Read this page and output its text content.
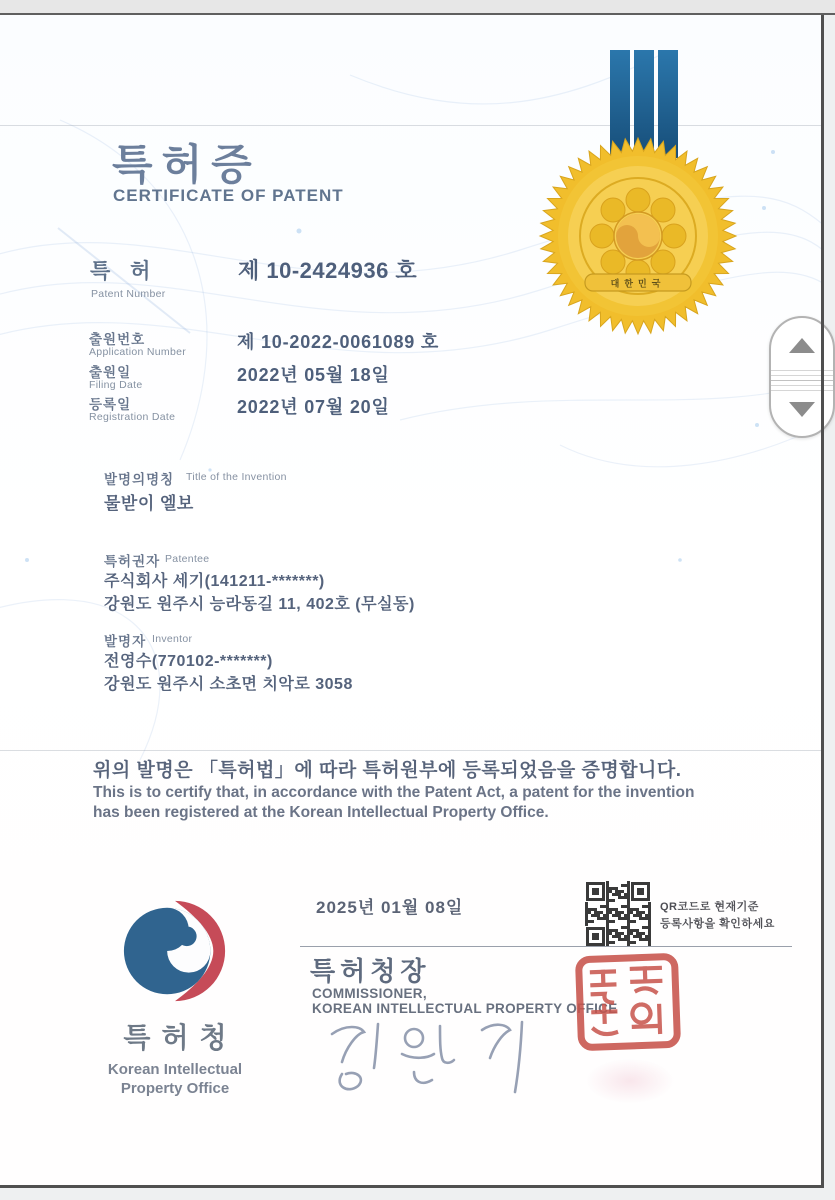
대한민국
특허증
CERTIFICATE OF PATENT
특 허
Patent Number
제 10-2424936 호
출원번호
Application Number	제 10-2022-0061089 호
출원일
Filing Date	2022년 05월 18일
등록일
Registration Date	2022년 07월 20일
발명의명칭 Title of the Invention
물받이 엘보
특허권자 Patentee
주식회사 세기(141211-*******)
강원도 원주시 능라동길 11, 402호 (무실동)
발명자 Inventor
전영수(770102-*******)
강원도 원주시 소초면 치악로 3058
위의 발명은 「특허법」에 따라 특허원부에 등록되었음을 증명합니다.
This is to certify that, in accordance with the Patent Act, a patent for the invention
has been registered at the Korean Intellectual Property Office.
2025년 01월 08일	QR코드로 현재기준
등록사항을 확인하세요
특허청장
COMMISSIONER,
KOREAN INTELLECTUAL PROPERTY OFFICE
특허청
Korean Intellectual
Property Office
